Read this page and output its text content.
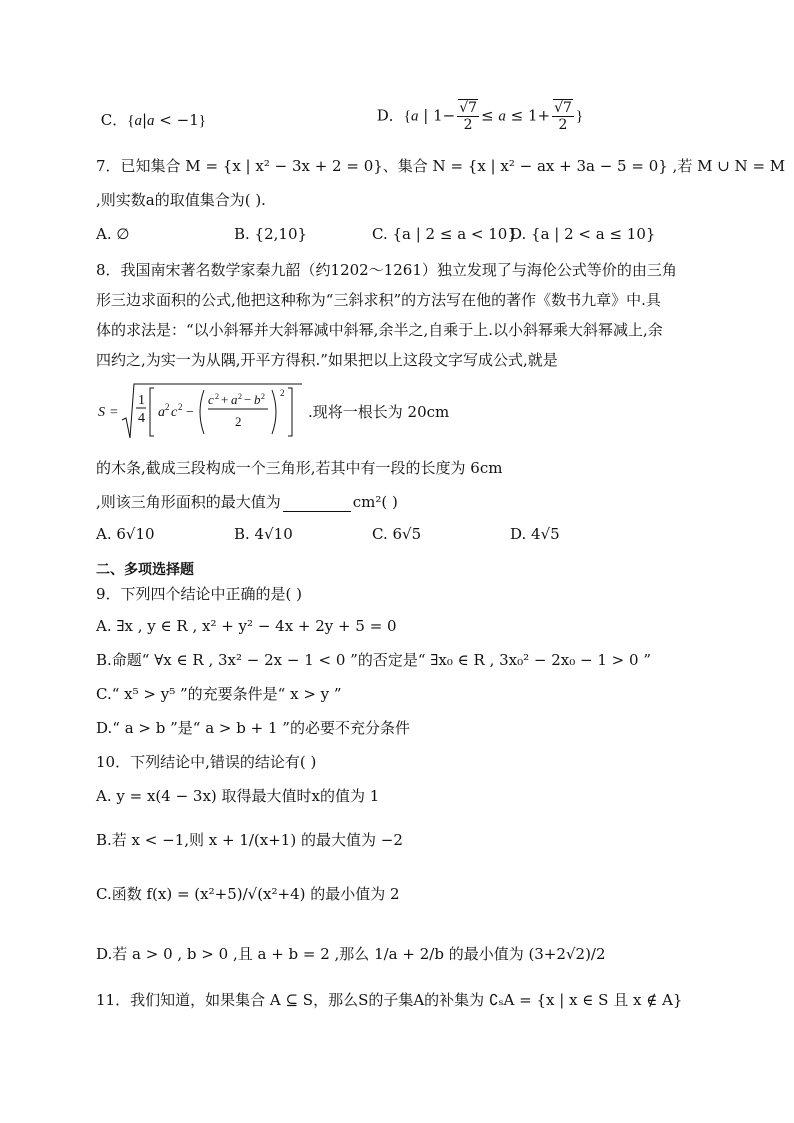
C．{a|a < −1}	D．{a | $1- \frac{√7}{2} \le a \le 1+ \frac{√7}{2}$ }
7．已知集合 M = {x | x² − 3x + 2 = 0}、集合 N = {x | x² − ax + 3a − 5 = 0} ,若 M ∪ N = M
,则实数a的取值集合为( ).
A. ∅	B. {2,10}	C. {a | 2 ≤ a < 10}
D. {a | 2 < a ≤ 10}
8．我国南宋著名数学家秦九韶（约1202～1261）独立发现了与海伦公式等价的由三角
形三边求面积的公式,他把这种称为“三斜求积”的方法写在他的著作《数书九章》中.具
体的求法是：“以小斜幂并大斜幂减中斜幂,余半之,自乘于上.以小斜幂乘大斜幂减上,余
四约之,为实一为从隅,开平方得积.”如果把以上这段文字写成公式,就是
S =
1
4 a 2 c 2 −
c 2 + a 2 − b 2
2
2
.现将一根长为 20cm
的木条,截成三段构成一个三角形,若其中有一段的长度为 6cm
,则该三角形面积的最大值为	cm²( )
A. 6√10	B. 4√10	C. 6√5	D. 4√5
二、多项选择题
9．下列四个结论中正确的是( )
A. ∃x , y ∈ R , x² + y² − 4x + 2y + 5 = 0
B.命题“ ∀x ∈ R , 3x² − 2x − 1 < 0 ”的否定是“ ∃x₀ ∈ R , 3x₀² − 2x₀ − 1 > 0 ”
C.“ x⁵ > y⁵ ”的充要条件是“ x > y ”
D.“ a > b ”是“ a > b + 1 ”的必要不充分条件
10．下列结论中,错误的结论有( )
A. y = x(4 − 3x) 取得最大值时x的值为 1
B.若 x < −1,则 x + 1/(x+1) 的最大值为 −2
C.函数 f(x) = (x²+5)/√(x²+4) 的最小值为 2
D.若 a > 0 , b > 0 ,且 a + b = 2 ,那么 1/a + 2/b 的最小值为 (3+2√2)/2
11．我们知道，如果集合 A ⊆ S，那么S的子集A的补集为 ∁ₛA = {x | x ∈ S 且 x ∉ A}
